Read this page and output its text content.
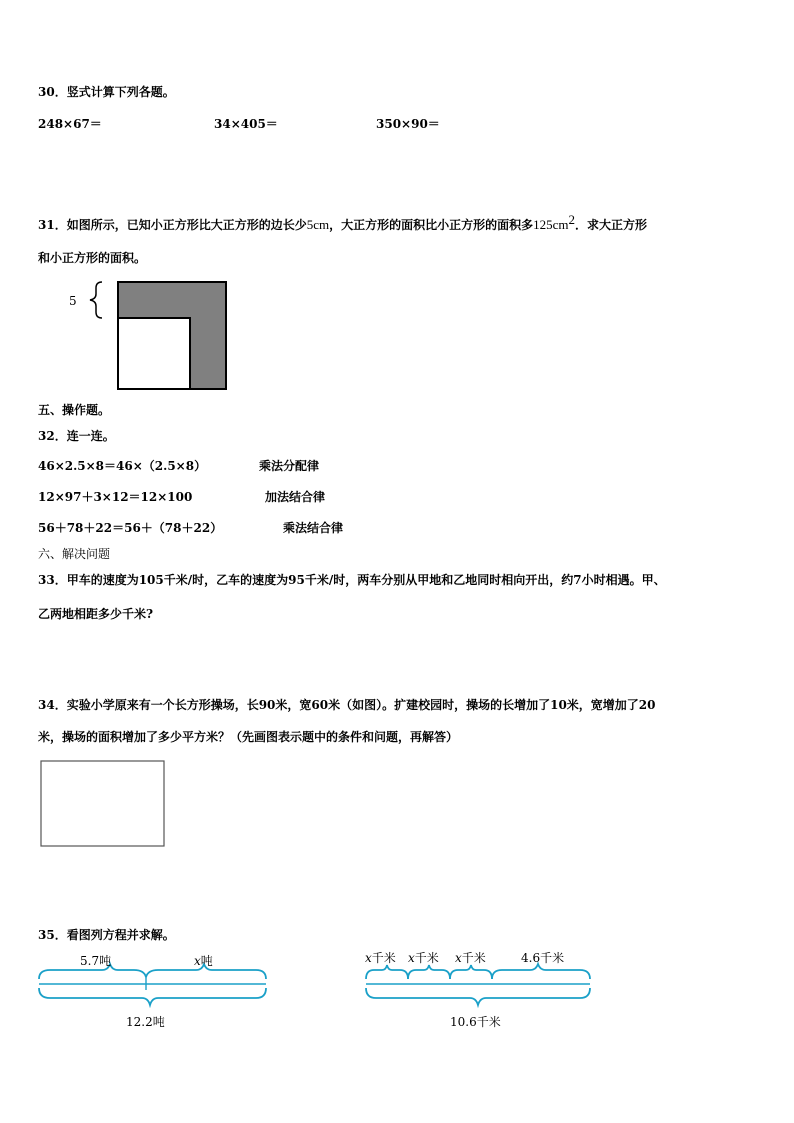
30．竖式计算下列各题。
248×67＝	34×405＝	350×90＝
31．如图所示，已知小正方形比大正方形的边长少5cm，大正方形的面积比小正方形的面积多$125cm^2$．求大正方形
和小正方形的面积。
5
五、操作题。
32．连一连。
46×2.5×8＝46×（2.5×8）
12×97＋3×12＝12×100
56＋78＋22＝56＋（78＋22）
乘法分配律
加法结合律
乘法结合律
六、解决问题
33．甲车的速度为105千米/时，乙车的速度为95千米/时，两车分别从甲地和乙地同时相向开出，约7小时相遇。甲、
乙两地相距多少千米?
34．实验小学原来有一个长方形操场，长90米，宽60米（如图）。扩建校园时，操场的长增加了10米，宽增加了20
米，操场的面积增加了多少平方米？（先画图表示题中的条件和问题，再解答）
35．看图列方程并求解。
5.7吨	x吨
12.2吨
x千米 x千米 x千米	4.6千米
10.6千米
